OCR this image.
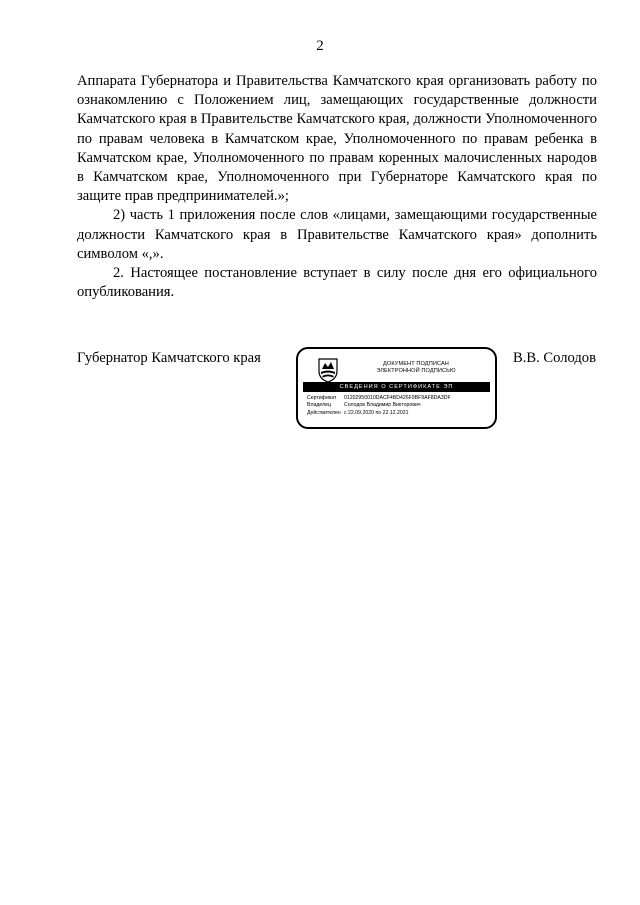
2

Аппарата Губернатора и Правительства Камчатского края организовать работу по ознакомлению с Положением лиц, замещающих государственные должности Камчатского края в Правительстве Камчатского края, должности Уполномоченного по правам человека в Камчатском крае, Уполномоченного по правам ребенка в Камчатском крае, Уполномоченного по правам коренных малочисленных народов в Камчатском крае, Уполномоченного при Губернаторе Камчатского края по защите прав предпринимателей.»;

2) часть 1 приложения после слов «лицами, замещающими государственные должности Камчатского края в Правительстве Камчатского края» дополнить символом «,».

2. Настоящее постановление вступает в силу после дня его официального опубликования.

Губернатор Камчатского края	В.В. Солодов
ДОКУМЕНТ ПОДПИСАН
ЭЛЕКТРОННОЙ ПОДПИСЬЮ
СВЕДЕНИЯ О СЕРТИФИКАТЕ ЭП
Сертификат 01202950010DACF4BD426F9BF9AF8DA3DF
Владелец	Солодов Владимир Викторович
Действителен с 22.09.2020 по 22.12.2021
